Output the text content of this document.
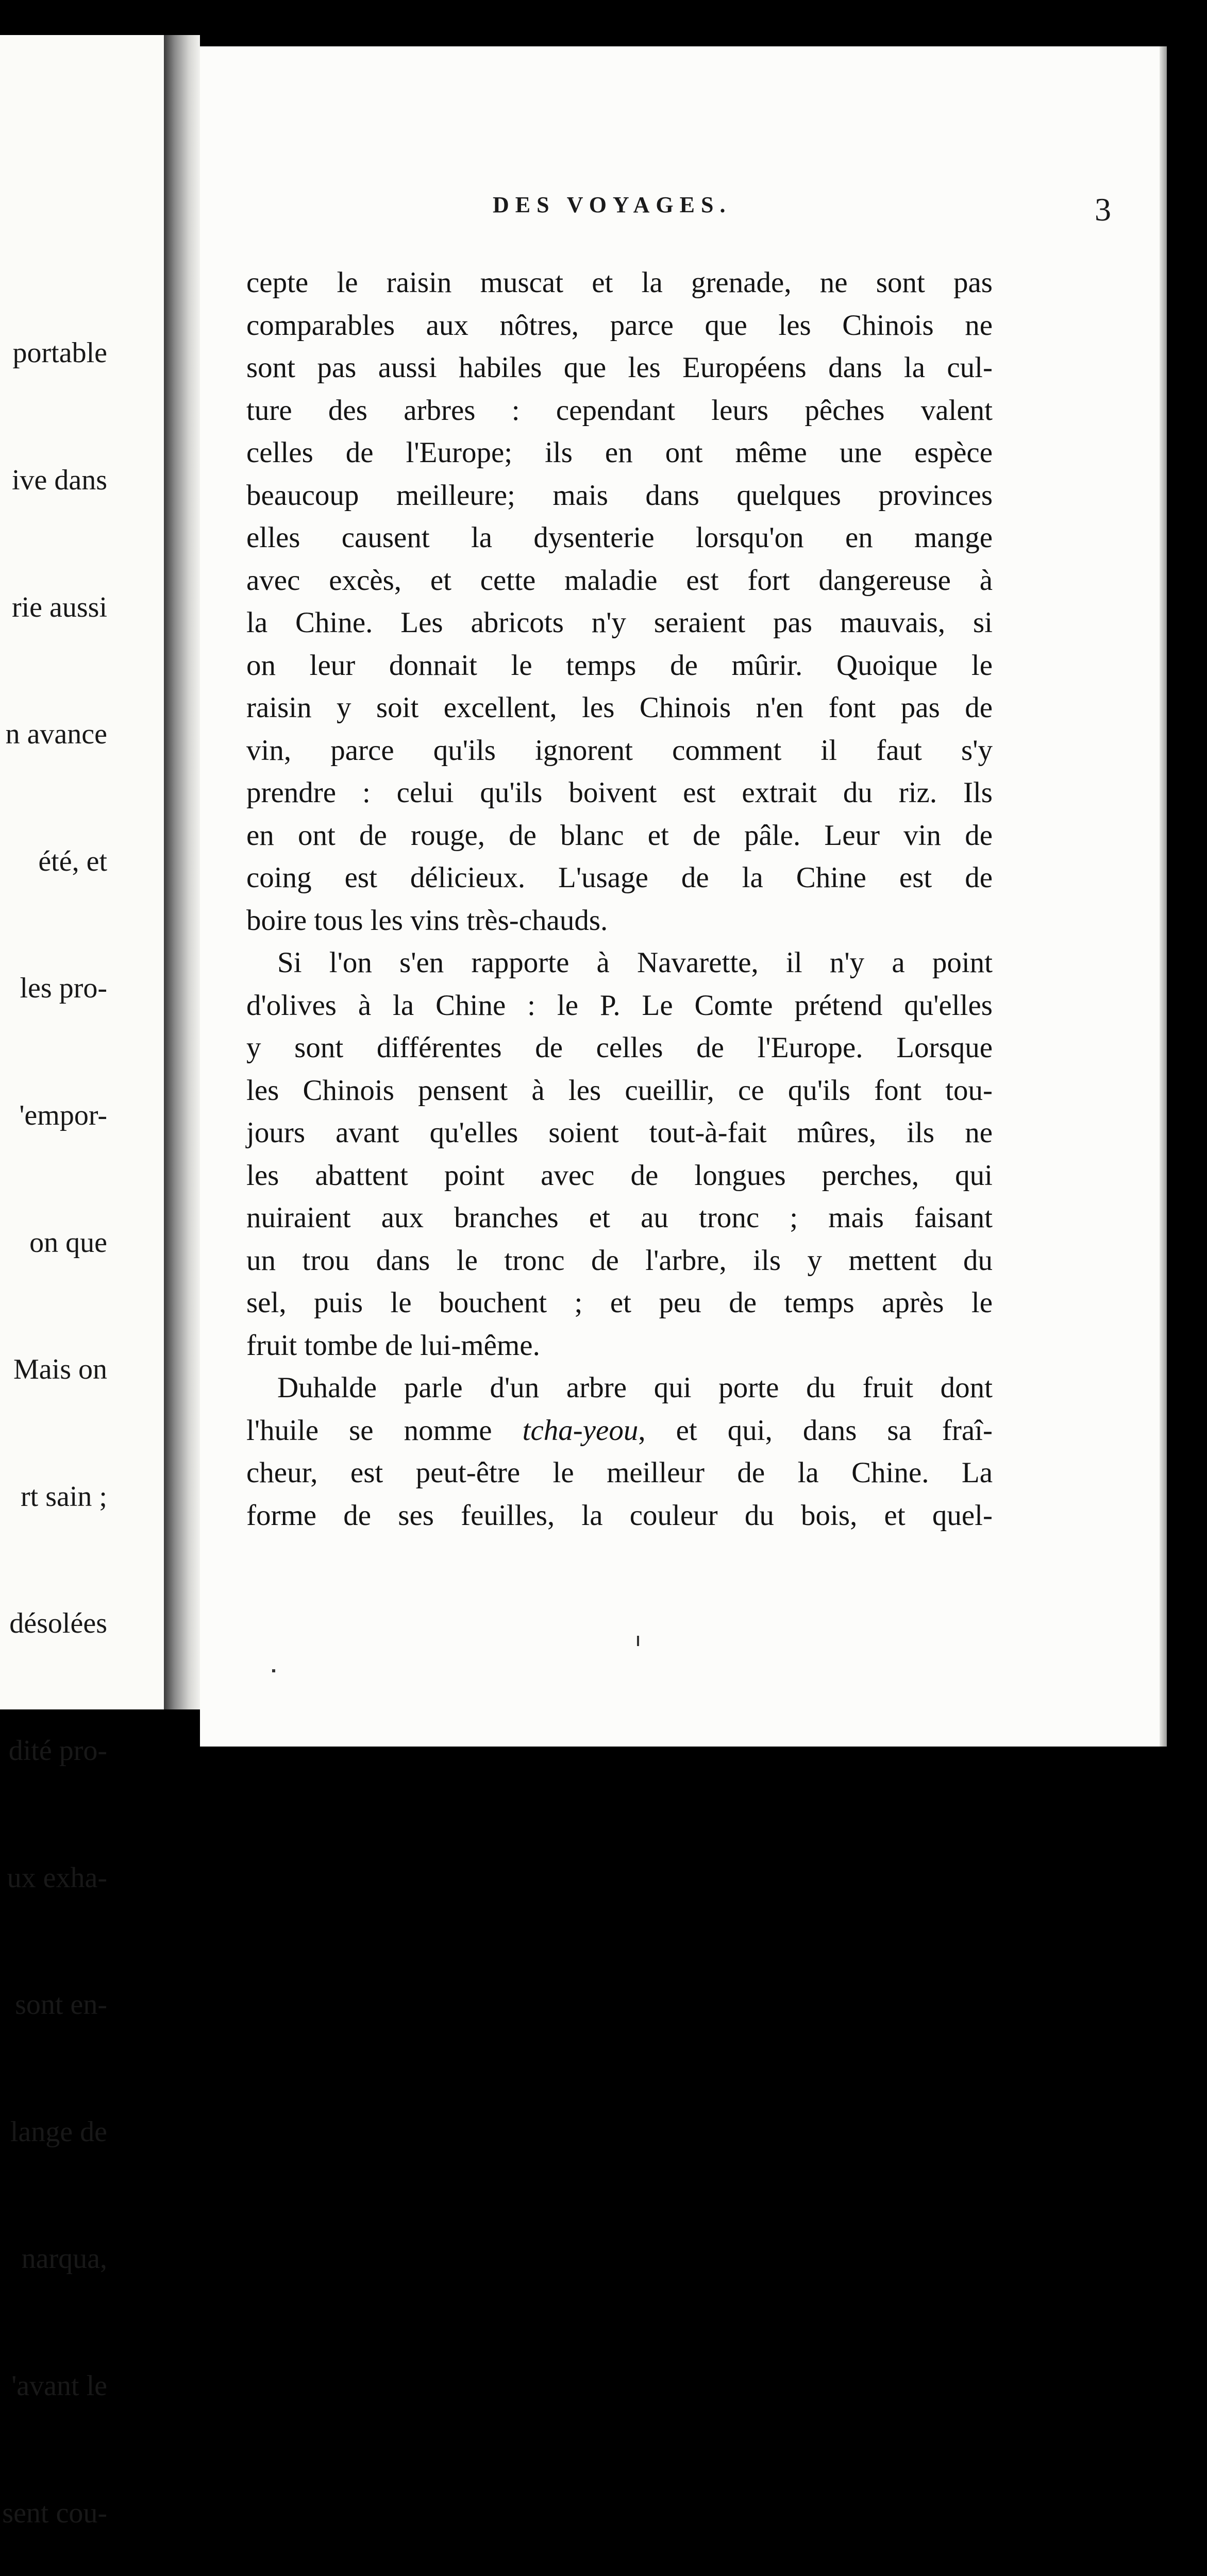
portable

ive dans

rie aussi

n avance

été, et

les pro-

'empor-

on que

Mais on

rt sain ;

désolées

dité pro-

ux exha-

sont en-

lange de

narqua,

'avant le

sent cou-

DES VOYAGES.	3
cepte le raisin muscat et la grenade, ne sont pas
comparables aux nôtres, parce que les Chinois ne
sont pas aussi habiles que les Européens dans la cul-
ture des arbres : cependant leurs pêches valent
celles de l'Europe; ils en ont même une espèce
beaucoup meilleure; mais dans quelques provinces
elles causent la dysenterie lorsqu'on en mange
avec excès, et cette maladie est fort dangereuse à
la Chine. Les abricots n'y seraient pas mauvais, si
on leur donnait le temps de mûrir. Quoique le
raisin y soit excellent, les Chinois n'en font pas de
vin, parce qu'ils ignorent comment il faut s'y
prendre : celui qu'ils boivent est extrait du riz. Ils
en ont de rouge, de blanc et de pâle. Leur vin de
coing est délicieux. L'usage de la Chine est de
boire tous les vins très-chauds.
Si l'on s'en rapporte à Navarette, il n'y a point
d'olives à la Chine : le P. Le Comte prétend qu'elles
y sont différentes de celles de l'Europe. Lorsque
les Chinois pensent à les cueillir, ce qu'ils font tou-
jours avant qu'elles soient tout-à-fait mûres, ils ne
les abattent point avec de longues perches, qui
nuiraient aux branches et au tronc ; mais faisant
un trou dans le tronc de l'arbre, ils y mettent du
sel, puis le bouchent ; et peu de temps après le
fruit tombe de lui-même.
Duhalde parle d'un arbre qui porte du fruit dont
l'huile se nomme tcha-yeou, et qui, dans sa fraî-
cheur, est peut-être le meilleur de la Chine. La
forme de ses feuilles, la couleur du bois, et quel-
